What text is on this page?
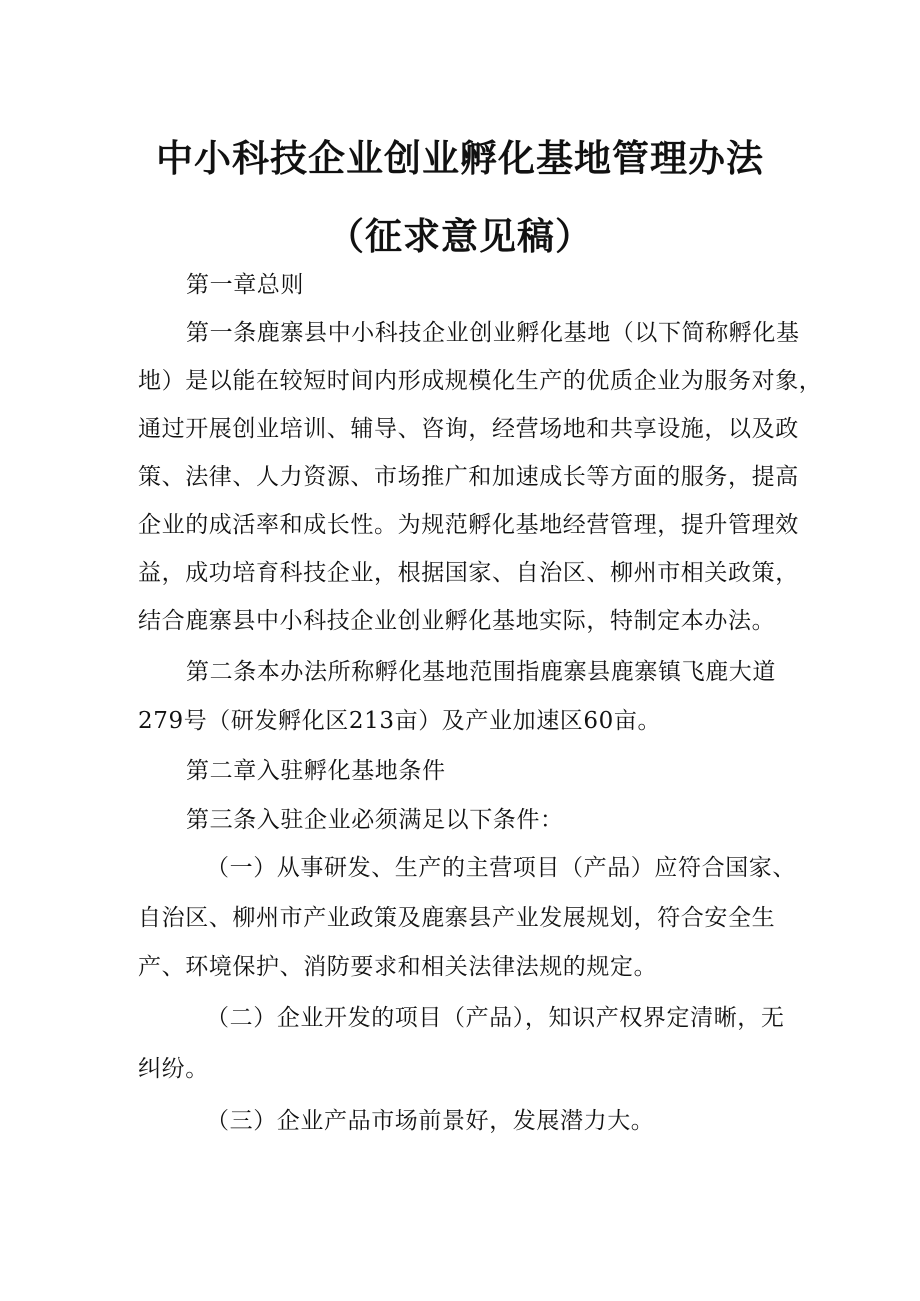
中小科技企业创业孵化基地管理办法
（征求意见稿）
第一章总则
第一条鹿寨县中小科技企业创业孵化基地（以下简称孵化基
地）是以能在较短时间内形成规模化生产的优质企业为服务对象，
通过开展创业培训、辅导、咨询，经营场地和共享设施，以及政
策、法律、人力资源、市场推广和加速成长等方面的服务，提高
企业的成活率和成长性。为规范孵化基地经营管理，提升管理效
益，成功培育科技企业，根据国家、自治区、柳州市相关政策，
结合鹿寨县中小科技企业创业孵化基地实际，特制定本办法。
第二条本办法所称孵化基地范围指鹿寨县鹿寨镇飞鹿大道
279号（研发孵化区213亩）及产业加速区60亩。
第二章入驻孵化基地条件
第三条入驻企业必须满足以下条件：
（一）从事研发、生产的主营项目（产品）应符合国家、
自治区、柳州市产业政策及鹿寨县产业发展规划，符合安全生
产、环境保护、消防要求和相关法律法规的规定。
（二）企业开发的项目（产品），知识产权界定清晰，无
纠纷。
（三）企业产品市场前景好，发展潜力大。
